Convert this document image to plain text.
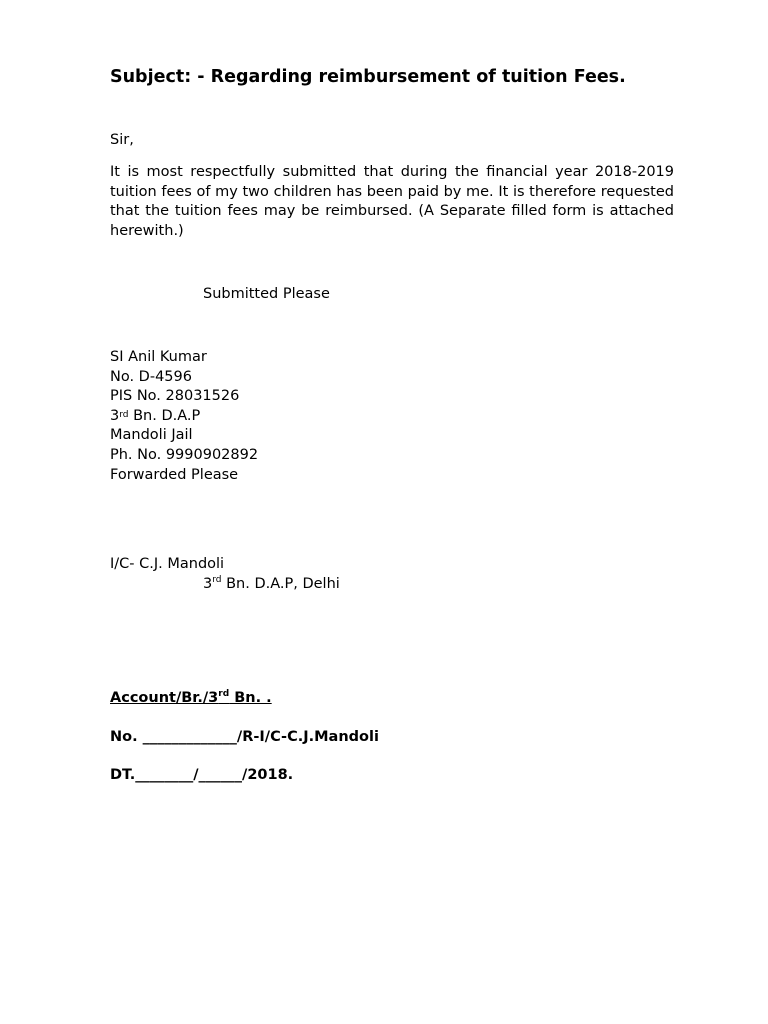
Subject: - Regarding reimbursement of tuition Fees.
Sir,
It is most respectfully submitted that during the financial year 2018-2019 tuition fees of my two children has been paid by me. It is therefore requested that the tuition fees may be reimbursed. (A Separate filled form is attached herewith.)
Submitted Please
SI Anil Kumar
No. D-4596
PIS No. 28031526
3rd Bn. D.A.P
Mandoli Jail
Ph. No. 9990902892
Forwarded Please
I/C- C.J. Mandoli
3rd Bn. D.A.P, Delhi
Account/Br./3rd Bn. .
No. _____________/R-I/C-C.J.Mandoli
DT.________/______/2018.
